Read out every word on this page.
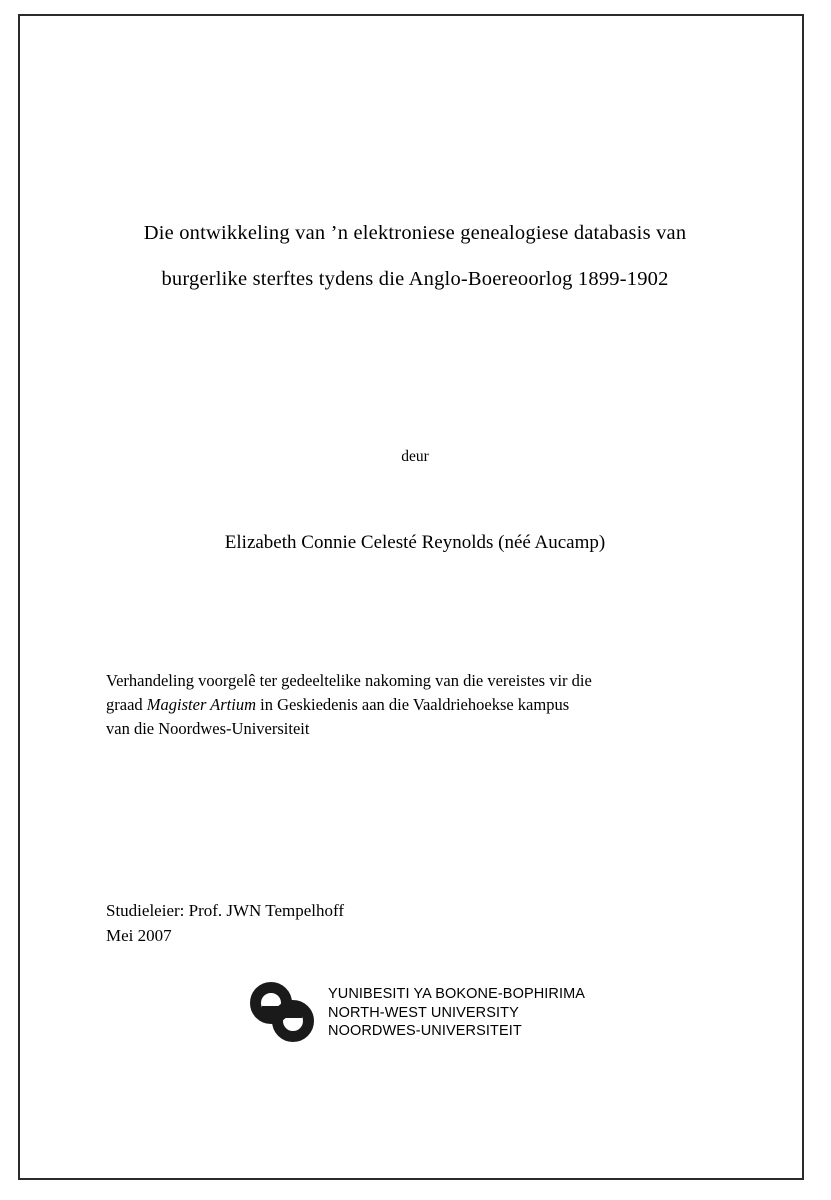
Die ontwikkeling van ’n elektroniese genealogiese databasis van
burgerlike sterftes tydens die Anglo-Boereoorlog 1899-1902
deur
Elizabeth Connie Celesté Reynolds (néé Aucamp)

Verhandeling voorgelê ter gedeeltelike nakoming van die vereistes vir die

graad Magister Artium in Geskiedenis aan die Vaaldriehoekse kampus

van die Noordwes-Universiteit

Studieleier: Prof. JWN Tempelhoff
Mei 2007
YUNIBESITI YA BOKONE-BOPHIRIMA
NORTH-WEST UNIVERSITY
NOORDWES-UNIVERSITEIT
